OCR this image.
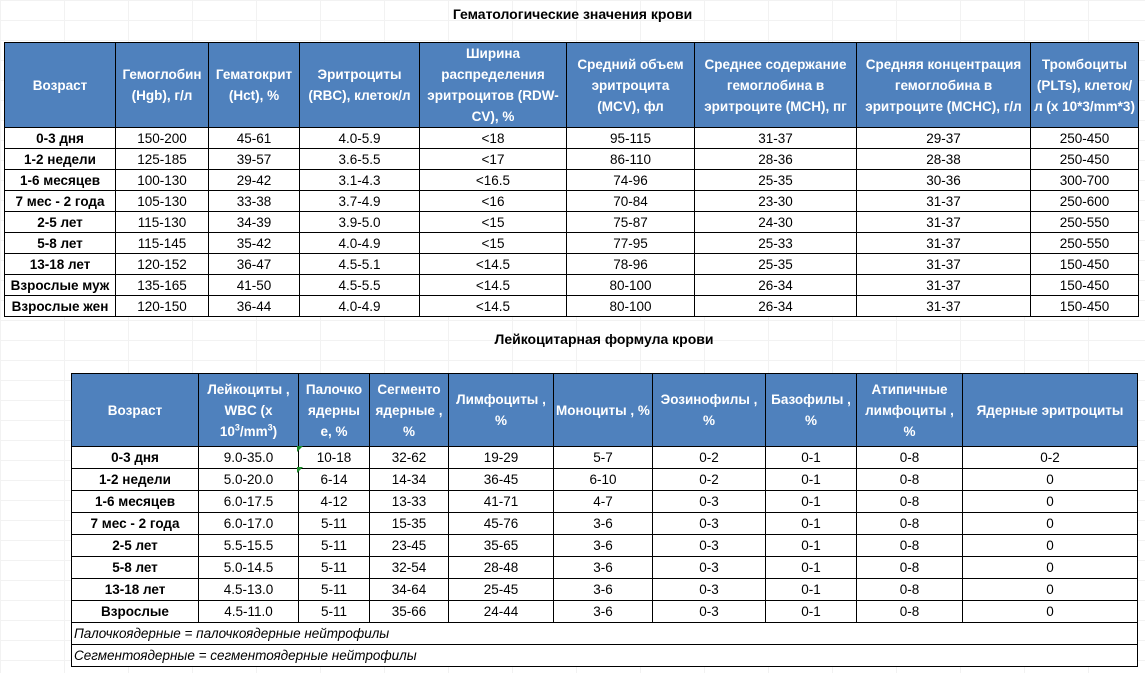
Гематологические значения крови
Возраст	Гемоглобин (Hgb), г/л	Гематокрит (Hct), %	Эритроциты (RBC), клеток/л	Ширина распределения эритроцитов (RDW-CV), %	Средний объем эритроцита (MCV), фл	Среднее содержание гемоглобина в эритроците (MCH), пг	Средняя концентрация гемоглобина в эритроците (MCHC), г/л	Тромбоциты (PLTs), клеток/л (x 10*3/mm*3)
0-3 дня	150-200	45-61	4.0-5.9	<18	95-115	31-37	29-37	250-450
1-2 недели	125-185	39-57	3.6-5.5	<17	86-110	28-36	28-38	250-450
1-6 месяцев	100-130	29-42	3.1-4.3	<16.5	74-96	25-35	30-36	300-700
7 мес - 2 года	105-130	33-38	3.7-4.9	<16	70-84	23-30	31-37	250-600
2-5 лет	115-130	34-39	3.9-5.0	<15	75-87	24-30	31-37	250-550
5-8 лет	115-145	35-42	4.0-4.9	<15	77-95	25-33	31-37	250-550
13-18 лет	120-152	36-47	4.5-5.1	<14.5	78-96	25-35	31-37	150-450
Взрослые муж	135-165	41-50	4.5-5.5	<14.5	80-100	26-34	31-37	150-450
Взрослые жен	120-150	36-44	4.0-4.9	<14.5	80-100	26-34	31-37	150-450
Лейкоцитарная формула крови
Возраст	Лейкоциты , WBC (x $10^3/mm^3$)	Палочко ядерны е, %	Сегменто ядерные , %	Лимфоциты , %	Моноциты , %	Эозинофилы , %	Базофилы , %	Атипичные лимфоциты , %	Ядерные эритроциты
0-3 дня	9.0-35.0	10-18	32-62	19-29	5-7	0-2	0-1	0-8	0-2
1-2 недели	5.0-20.0	6-14	14-34	36-45	6-10	0-2	0-1	0-8	0
1-6 месяцев	6.0-17.5	4-12	13-33	41-71	4-7	0-3	0-1	0-8	0
7 мес - 2 года	6.0-17.0	5-11	15-35	45-76	3-6	0-3	0-1	0-8	0
2-5 лет	5.5-15.5	5-11	23-45	35-65	3-6	0-3	0-1	0-8	0
5-8 лет	5.0-14.5	5-11	32-54	28-48	3-6	0-3	0-1	0-8	0
13-18 лет	4.5-13.0	5-11	34-64	25-45	3-6	0-3	0-1	0-8	0
Взрослые	4.5-11.0	5-11	35-66	24-44	3-6	0-3	0-1	0-8	0
Палочкоядерные = палочкоядерные нейтрофилы									
Сегментоядерные = сегментоядерные нейтрофилы									
